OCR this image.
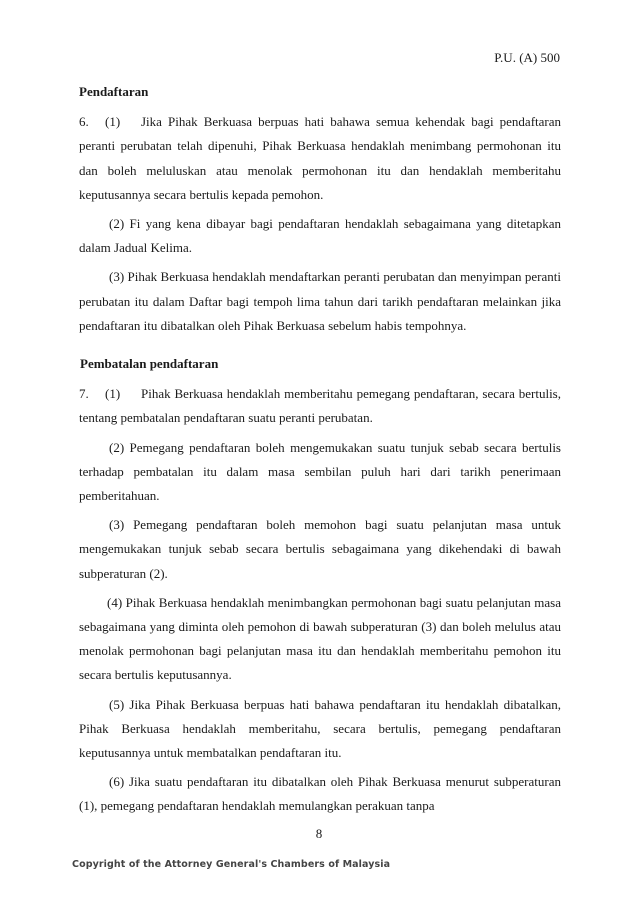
P.U. (A) 500
Pendaftaran

6. (1) Jika Pihak Berkuasa berpuas hati bahawa semua kehendak bagi pendaftaran peranti perubatan telah dipenuhi, Pihak Berkuasa hendaklah menimbang permohonan itu dan boleh meluluskan atau menolak permohonan itu dan hendaklah memberitahu keputusannya secara bertulis kepada pemohon.

(2) Fi yang kena dibayar bagi pendaftaran hendaklah sebagaimana yang ditetapkan dalam Jadual Kelima.

(3) Pihak Berkuasa hendaklah mendaftarkan peranti perubatan dan menyimpan peranti perubatan itu dalam Daftar bagi tempoh lima tahun dari tarikh pendaftaran melainkan jika pendaftaran itu dibatalkan oleh Pihak Berkuasa sebelum habis tempohnya.

Pembatalan pendaftaran

7. (1) Pihak Berkuasa hendaklah memberitahu pemegang pendaftaran, secara bertulis, tentang pembatalan pendaftaran suatu peranti perubatan.

(2) Pemegang pendaftaran boleh mengemukakan suatu tunjuk sebab secara bertulis terhadap pembatalan itu dalam masa sembilan puluh hari dari tarikh penerimaan pemberitahuan.

(3) Pemegang pendaftaran boleh memohon bagi suatu pelanjutan masa untuk mengemukakan tunjuk sebab secara bertulis sebagaimana yang dikehendaki di bawah subperaturan (2).

(4) Pihak Berkuasa hendaklah menimbangkan permohonan bagi suatu pelanjutan masa sebagaimana yang diminta oleh pemohon di bawah subperaturan (3) dan boleh melulus atau menolak permohonan bagi pelanjutan masa itu dan hendaklah memberitahu pemohon itu secara bertulis keputusannya.

(5) Jika Pihak Berkuasa berpuas hati bahawa pendaftaran itu hendaklah dibatalkan, Pihak Berkuasa hendaklah memberitahu, secara bertulis, pemegang pendaftaran keputusannya untuk membatalkan pendaftaran itu.

(6) Jika suatu pendaftaran itu dibatalkan oleh Pihak Berkuasa menurut subperaturan (1), pemegang pendaftaran hendaklah memulangkan perakuan tanpa

8
Copyright of the Attorney General's Chambers of Malaysia
